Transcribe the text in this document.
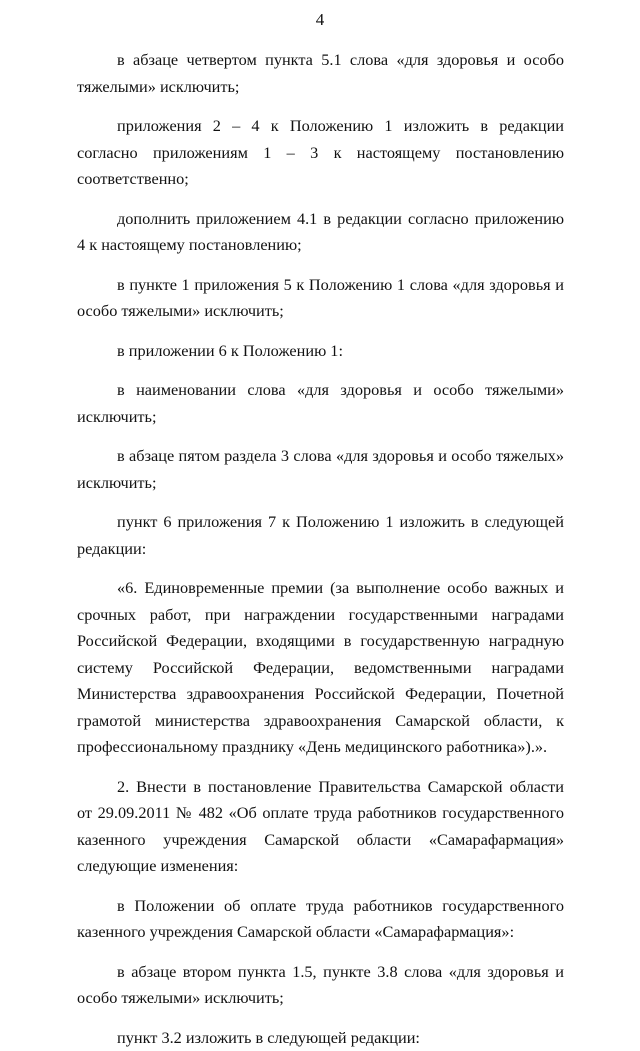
4

в абзаце четвертом пункта 5.1 слова «для здоровья и особо тяжелыми» исключить;

приложения 2 – 4 к Положению 1 изложить в редакции согласно приложениям 1 – 3 к настоящему постановлению соответственно;

дополнить приложением 4.1 в редакции согласно приложению 4 к настоящему постановлению;

в пункте 1 приложения 5 к Положению 1 слова «для здоровья и особо тяжелыми» исключить;

в приложении 6 к Положению 1:

в наименовании слова «для здоровья и особо тяжелыми» исключить;

в абзаце пятом раздела 3 слова «для здоровья и особо тяжелых» исключить;

пункт 6 приложения 7 к Положению 1 изложить в следующей редакции:

«6. Единовременные премии (за выполнение особо важных и срочных работ, при награждении государственными наградами Российской Федерации, входящими в государственную наградную систему Российской Федерации, ведомственными наградами Министерства здравоохранения Российской Федерации, Почетной грамотой министерства здравоохранения Самарской области, к профессиональному празднику «День медицинского работника»).».

2. Внести в постановление Правительства Самарской области от 29.09.2011 № 482 «Об оплате труда работников государственного казенного учреждения Самарской области «Самарафармация» следующие изменения:

в Положении об оплате труда работников государственного казенного учреждения Самарской области «Самарафармация»:

в абзаце втором пункта 1.5, пункте 3.8 слова «для здоровья и особо тяжелыми» исключить;

пункт 3.2 изложить в следующей редакции:
